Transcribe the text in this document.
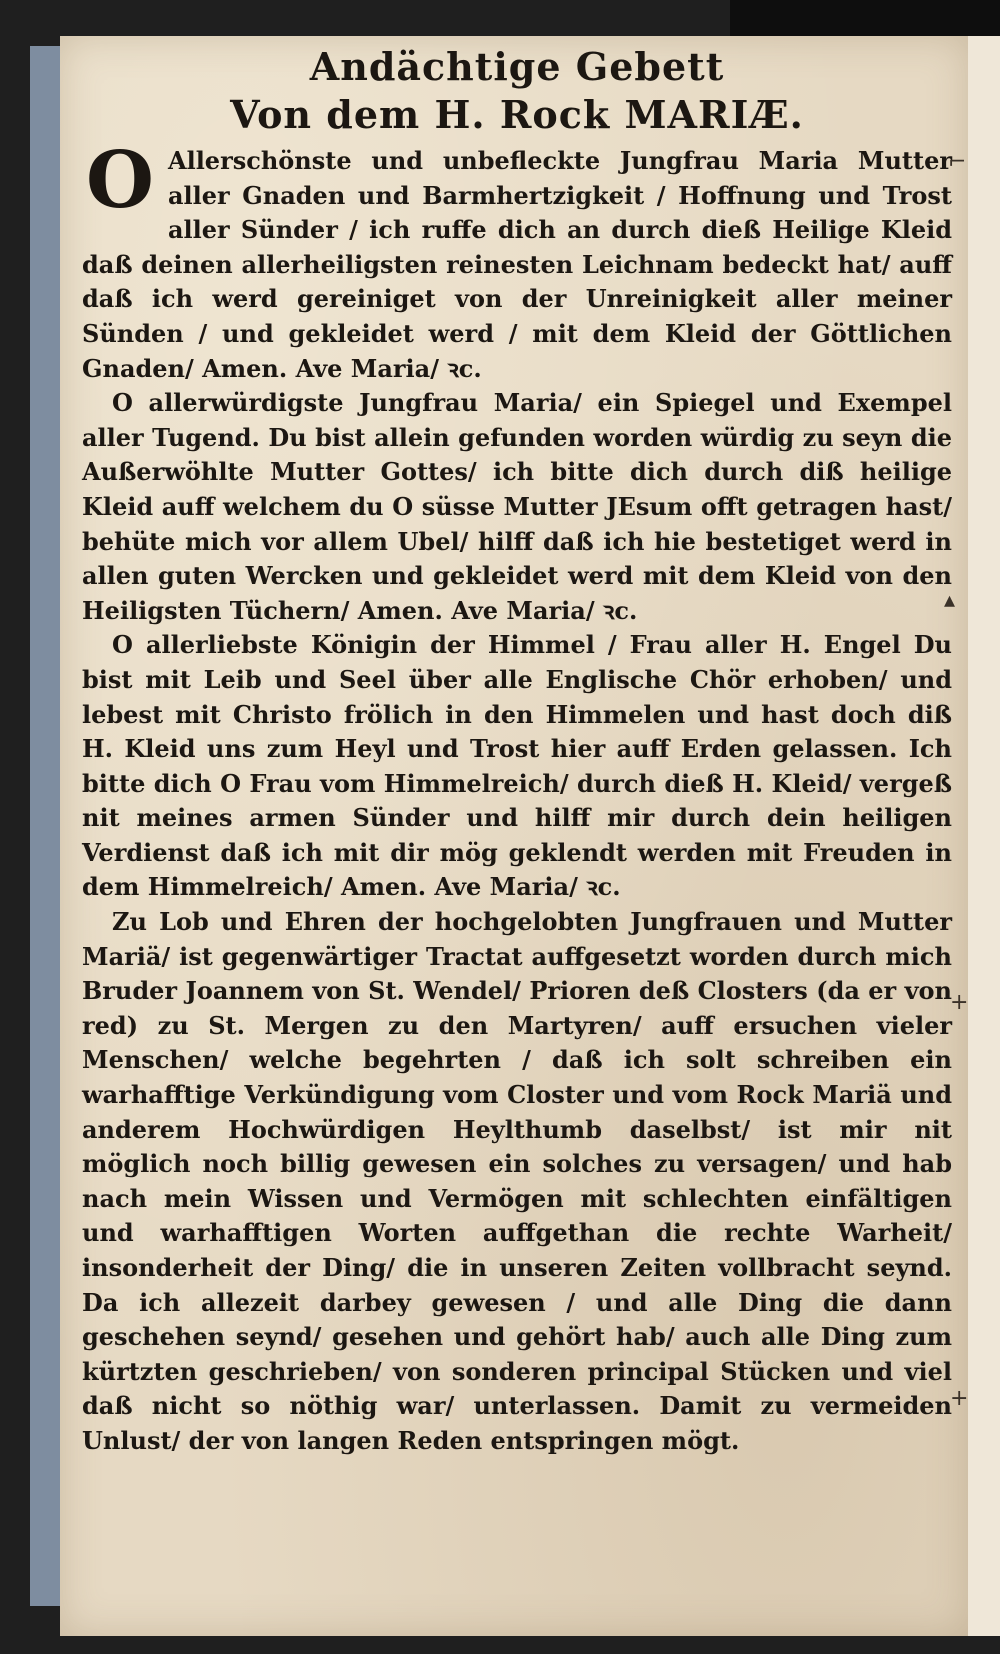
Andächtige Gebett

Von dem H. Rock MARIÆ.

O Allerschönste und unbefleckte Jungfrau Maria Mutter aller Gnaden und Barmhertzigkeit / Hoffnung und Trost aller Sünder / ich ruffe dich an durch dieß Heilige Kleid daß deinen allerheiligsten reinesten Leichnam bedeckt hat/ auff daß ich werd gereiniget von der Unreinigkeit aller meiner Sünden / und gekleidet werd / mit dem Kleid der Göttlichen Gnaden/ Amen. Ave Maria/ ꝛc.

O allerwürdigste Jungfrau Maria/ ein Spiegel und Exempel aller Tugend. Du bist allein gefunden worden würdig zu seyn die Außerwöhlte Mutter Gottes/ ich bitte dich durch diß heilige Kleid auff welchem du O süsse Mutter JEsum offt getragen hast/ behüte mich vor allem Ubel/ hilff daß ich hie bestetiget werd in allen guten Wercken und gekleidet werd mit dem Kleid von den Heiligsten Tüchern/ Amen. Ave Maria/ ꝛc.

O allerliebste Königin der Himmel / Frau aller H. Engel Du bist mit Leib und Seel über alle Englische Chör erhoben/ und lebest mit Christo frölich in den Himmelen und hast doch diß H. Kleid uns zum Heyl und Trost hier auff Erden gelassen. Ich bitte dich O Frau vom Himmelreich/ durch dieß H. Kleid/ vergeß nit meines armen Sünder und hilff mir durch dein heiligen Verdienst daß ich mit dir mög geklendt werden mit Freuden in dem Himmelreich/ Amen. Ave Maria/ ꝛc.

Zu Lob und Ehren der hochgelobten Jungfrauen und Mutter Mariä/ ist gegenwärtiger Tractat auffgesetzt worden durch mich Bruder Joannem von St. Wendel/ Prioren deß Closters (da er von red) zu St. Mergen zu den Martyren/ auff ersuchen vieler Menschen/ welche begehrten / daß ich solt schreiben ein warhafftige Verkündigung vom Closter und vom Rock Mariä und anderem Hochwürdigen Heylthumb daselbst/ ist mir nit möglich noch billig gewesen ein solches zu versagen/ und hab nach mein Wissen und Vermögen mit schlechten einfältigen und warhafftigen Worten auffgethan die rechte Warheit/ insonderheit der Ding/ die in unseren Zeiten vollbracht seynd. Da ich allezeit darbey gewesen / und alle Ding die dann geschehen seynd/ gesehen und gehört hab/ auch alle Ding zum kürtzten geschrieben/ von sonderen principal Stücken und viel daß nicht so nöthig war/ unterlassen. Damit zu vermeiden Unlust/ der von langen Reden entspringen mögt.

⌐
▴
+
+
